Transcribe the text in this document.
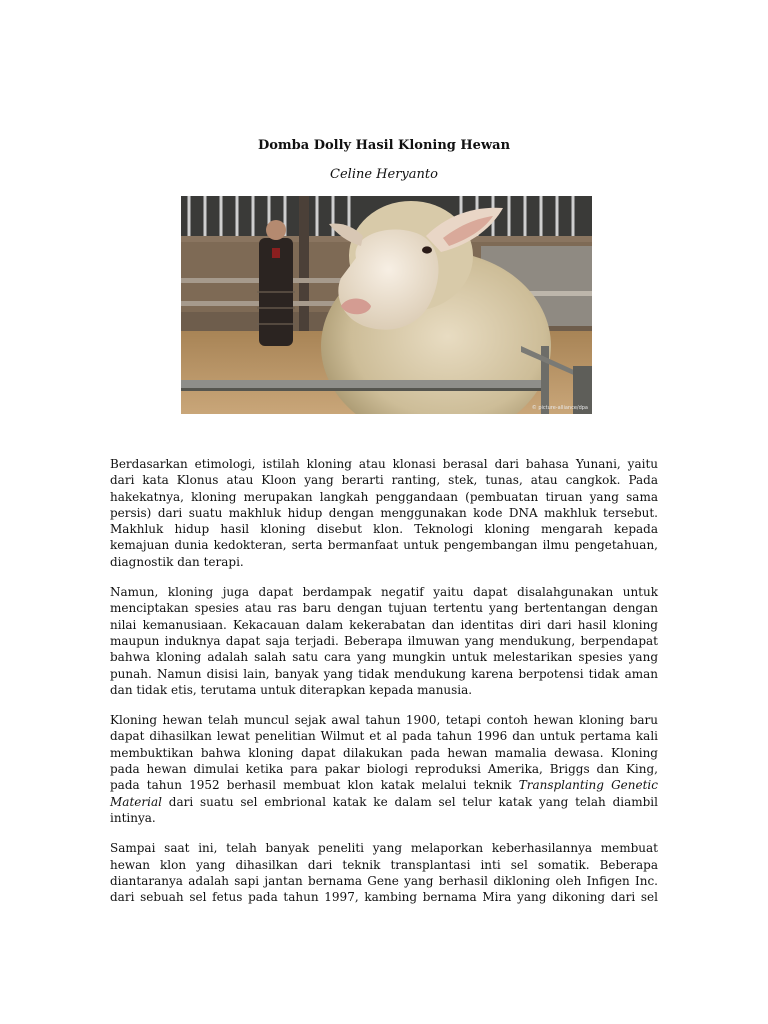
Domba Dolly Hasil Kloning Hewan
Celine Heryanto
© picture-alliance/dpa

Berdasarkan etimologi, istilah kloning atau klonasi berasal dari bahasa Yunani, yaitu
dari kata Klonus atau Kloon yang berarti ranting, stek, tunas, atau cangkok. Pada
hakekatnya, kloning merupakan langkah penggandaan (pembuatan tiruan yang sama
persis) dari suatu makhluk hidup dengan menggunakan kode DNA makhluk tersebut.
Makhluk hidup hasil kloning disebut klon. Teknologi kloning mengarah kepada
kemajuan dunia kedokteran, serta bermanfaat untuk pengembangan ilmu pengetahuan,
diagnostik dan terapi.

Namun, kloning juga dapat berdampak negatif yaitu dapat disalahgunakan untuk
menciptakan spesies atau ras baru dengan tujuan tertentu yang bertentangan dengan
nilai kemanusiaan. Kekacauan dalam kekerabatan dan identitas diri dari hasil kloning
maupun induknya dapat saja terjadi. Beberapa ilmuwan yang mendukung, berpendapat
bahwa kloning adalah salah satu cara yang mungkin untuk melestarikan spesies yang
punah. Namun disisi lain, banyak yang tidak mendukung karena berpotensi tidak aman
dan tidak etis, terutama untuk diterapkan kepada manusia.

Kloning hewan telah muncul sejak awal tahun 1900, tetapi contoh hewan kloning baru
dapat dihasilkan lewat penelitian Wilmut et al pada tahun 1996 dan untuk pertama kali
membuktikan bahwa kloning dapat dilakukan pada hewan mamalia dewasa. Kloning
pada hewan dimulai ketika para pakar biologi reproduksi Amerika, Briggs dan King,
pada tahun 1952 berhasil membuat klon katak melalui teknik Transplanting Genetic
Material dari suatu sel embrional katak ke dalam sel telur katak yang telah diambil
intinya.

Sampai saat ini, telah banyak peneliti yang melaporkan keberhasilannya membuat
hewan klon yang dihasilkan dari teknik transplantasi inti sel somatik. Beberapa
diantaranya adalah sapi jantan bernama Gene yang berhasil dikloning oleh Infigen Inc.
dari sebuah sel fetus pada tahun 1997, kambing bernama Mira yang dikoning dari sel
